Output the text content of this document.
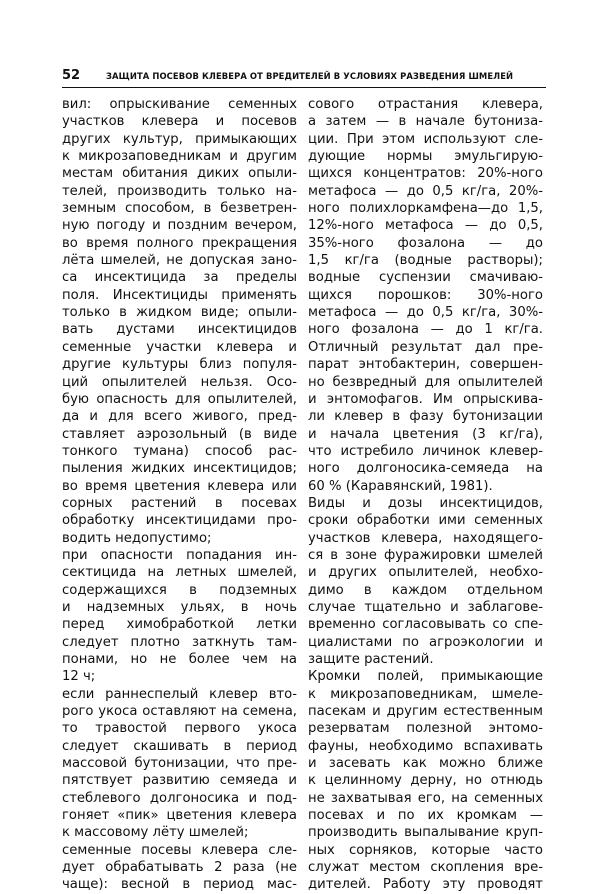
52	ЗАЩИТА ПОСЕВОВ КЛЕВЕРА ОТ ВРЕДИТЕЛЕЙ В УСЛОВИЯХ РАЗВЕДЕНИЯ ШМЕЛЕЙ
вил: опрыскивание семенных
участков клевера и посевов
других культур, примыкающих
к микрозаповедникам и другим
местам обитания диких опыли-
телей, производить только на-
земным способом, в безветрен-
ную погоду и поздним вечером,
во время полного прекращения
лёта шмелей, не допуская зано-
са инсектицида за пределы
поля. Инсектициды применять
только в жидком виде; опыли-
вать дустами инсектицидов
семенные участки клевера и
другие культуры близ популя-
ций опылителей нельзя. Осо-
бую опасность для опылителей,
да и для всего живого, пред-
ставляет аэрозольный (в виде
тонкого тумана) способ рас-
пыления жидких инсектицидов;
во время цветения клевера или
сорных растений в посевах
обработку инсектицидами про-
водить недопустимо;
при опасности попадания ин-
сектицида на летных шмелей,
содержащихся в подземных
и надземных ульях, в ночь
перед химобработкой летки
следует плотно заткнуть там-
понами, но не более чем на
12 ч;
если раннеспелый клевер вто-
рого укоса оставляют на семена,
то травостой первого укоса
следует скашивать в период
массовой бутонизации, что пре-
пятствует развитию семяеда и
стеблевого долгоносика и под-
гоняет «пик» цветения клевера
к массовому лёту шмелей;
семенные посевы клевера сле-
дует обрабатывать 2 раза (не
чаще): весной в период мас-
сового отрастания клевера,
а затем — в начале бутониза-
ции. При этом используют сле-
дующие нормы эмульгирую-
щихся концентратов: 20%-ного
метафоса — до 0,5 кг/га, 20%-
ного полихлоркамфена—до 1,5,
12%-ного метафоса — до 0,5,
35%-ного фозалона — до
1,5 кг/га (водные растворы);
водные суспензии смачиваю-
щихся порошков: 30%-ного
метафоса — до 0,5 кг/га, 30%-
ного фозалона — до 1 кг/га.
Отличный результат дал пре-
парат энтобактерин, совершен-
но безвредный для опылителей
и энтомофагов. Им опрыскива-
ли клевер в фазу бутонизации
и начала цветения (3 кг/га),
что истребило личинок клевер-
ного долгоносика-семяеда на
60 % (Каравянский, 1981).
Виды и дозы инсектицидов,
сроки обработки ими семенных
участков клевера, находящего-
ся в зоне фуражировки шмелей
и других опылителей, необхо-
димо в каждом отдельном
случае тщательно и заблагове-
временно согласовывать со спе-
циалистами по агроэкологии и
защите растений.
Кромки полей, примыкающие
к микрозаповедникам, шмеле-
пасекам и другим естественным
резерватам полезной энтомо-
фауны, необходимо вспахивать
и засевать как можно ближе
к целинному дерну, но отнюдь
не захватывая его, на семенных
посевах и по их кромкам —
производить выпалывание круп-
ных сорняков, которые часто
служат местом скопления вре-
дителей. Работу эту проводят
